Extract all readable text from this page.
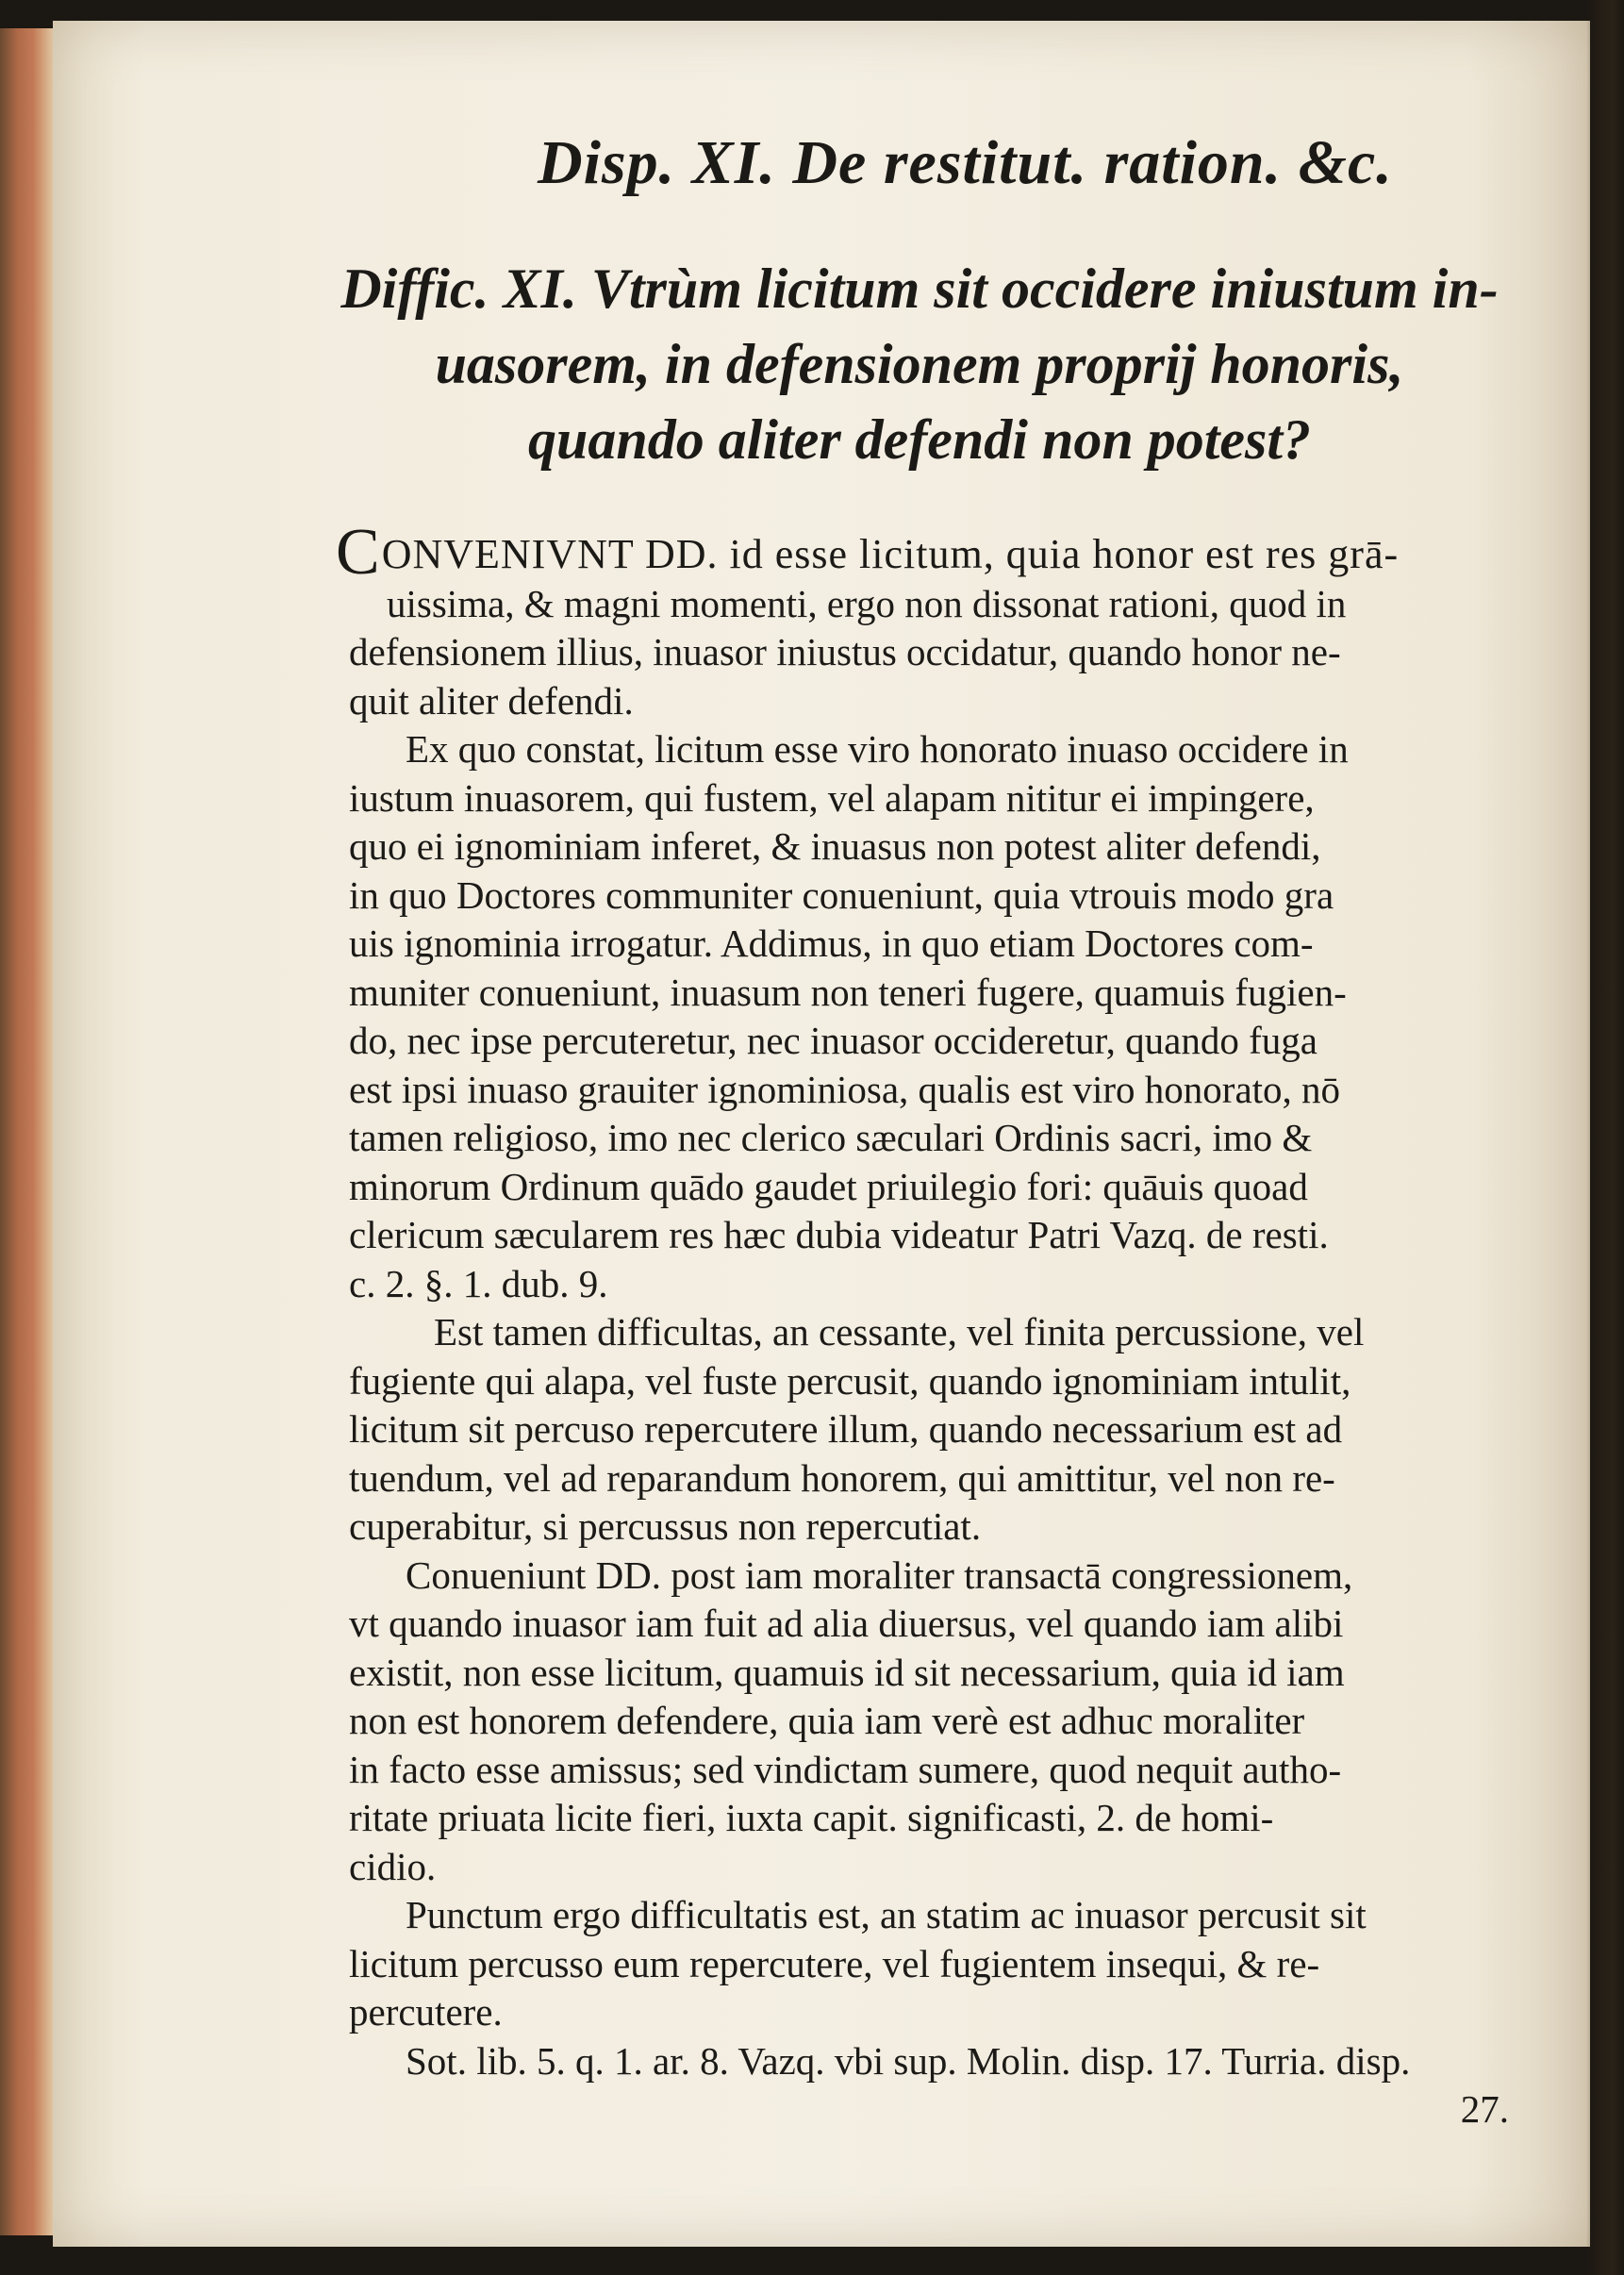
Disp. XI. De restitut. ration. &c.
Diffic. XI. Vtrùm licitum sit occidere iniustum in-
uasorem, in defensionem proprij honoris,
quando aliter defendi non potest?

CONVENIVNT DD. id esse licitum, quia honor est res grā-
uissima, & magni momenti, ergo non dissonat rationi, quod in
defensionem illius, inuasor iniustus occidatur, quando honor ne-
quit aliter defendi.

Ex quo constat, licitum esse viro honorato inuaso occidere in
iustum inuasorem, qui fustem, vel alapam nititur ei impingere,
quo ei ignominiam inferet, & inuasus non potest aliter defendi,
in quo Doctores communiter conueniunt, quia vtrouis modo gra
uis ignominia irrogatur. Addimus, in quo etiam Doctores com-
muniter conueniunt, inuasum non teneri fugere, quamuis fugien-
do, nec ipse percuteretur, nec inuasor occideretur, quando fuga
est ipsi inuaso grauiter ignominiosa, qualis est viro honorato, nō
tamen religioso, imo nec clerico sæculari Ordinis sacri, imo &
minorum Ordinum quādo gaudet priuilegio fori: quāuis quoad
clericum sæcularem res hæc dubia videatur Patri Vazq. de resti.
c. 2. §. 1. dub. 9.

Est tamen difficultas, an cessante, vel finita percussione, vel
fugiente qui alapa, vel fuste percusit, quando ignominiam intulit,
licitum sit percuso repercutere illum, quando necessarium est ad
tuendum, vel ad reparandum honorem, qui amittitur, vel non re-
cuperabitur, si percussus non repercutiat.

Conueniunt DD. post iam moraliter transactā congressionem,
vt quando inuasor iam fuit ad alia diuersus, vel quando iam alibi
existit, non esse licitum, quamuis id sit necessarium, quia id iam
non est honorem defendere, quia iam verè est adhuc moraliter
in facto esse amissus; sed vindictam sumere, quod nequit autho-
ritate priuata licite fieri, iuxta capit. significasti, 2. de homi-
cidio.

Punctum ergo difficultatis est, an statim ac inuasor percusit sit
licitum percusso eum repercutere, vel fugientem insequi, & re-
percutere.

Sot. lib. 5. q. 1. ar. 8. Vazq. vbi sup. Molin. disp. 17. Turria. disp.

27.
